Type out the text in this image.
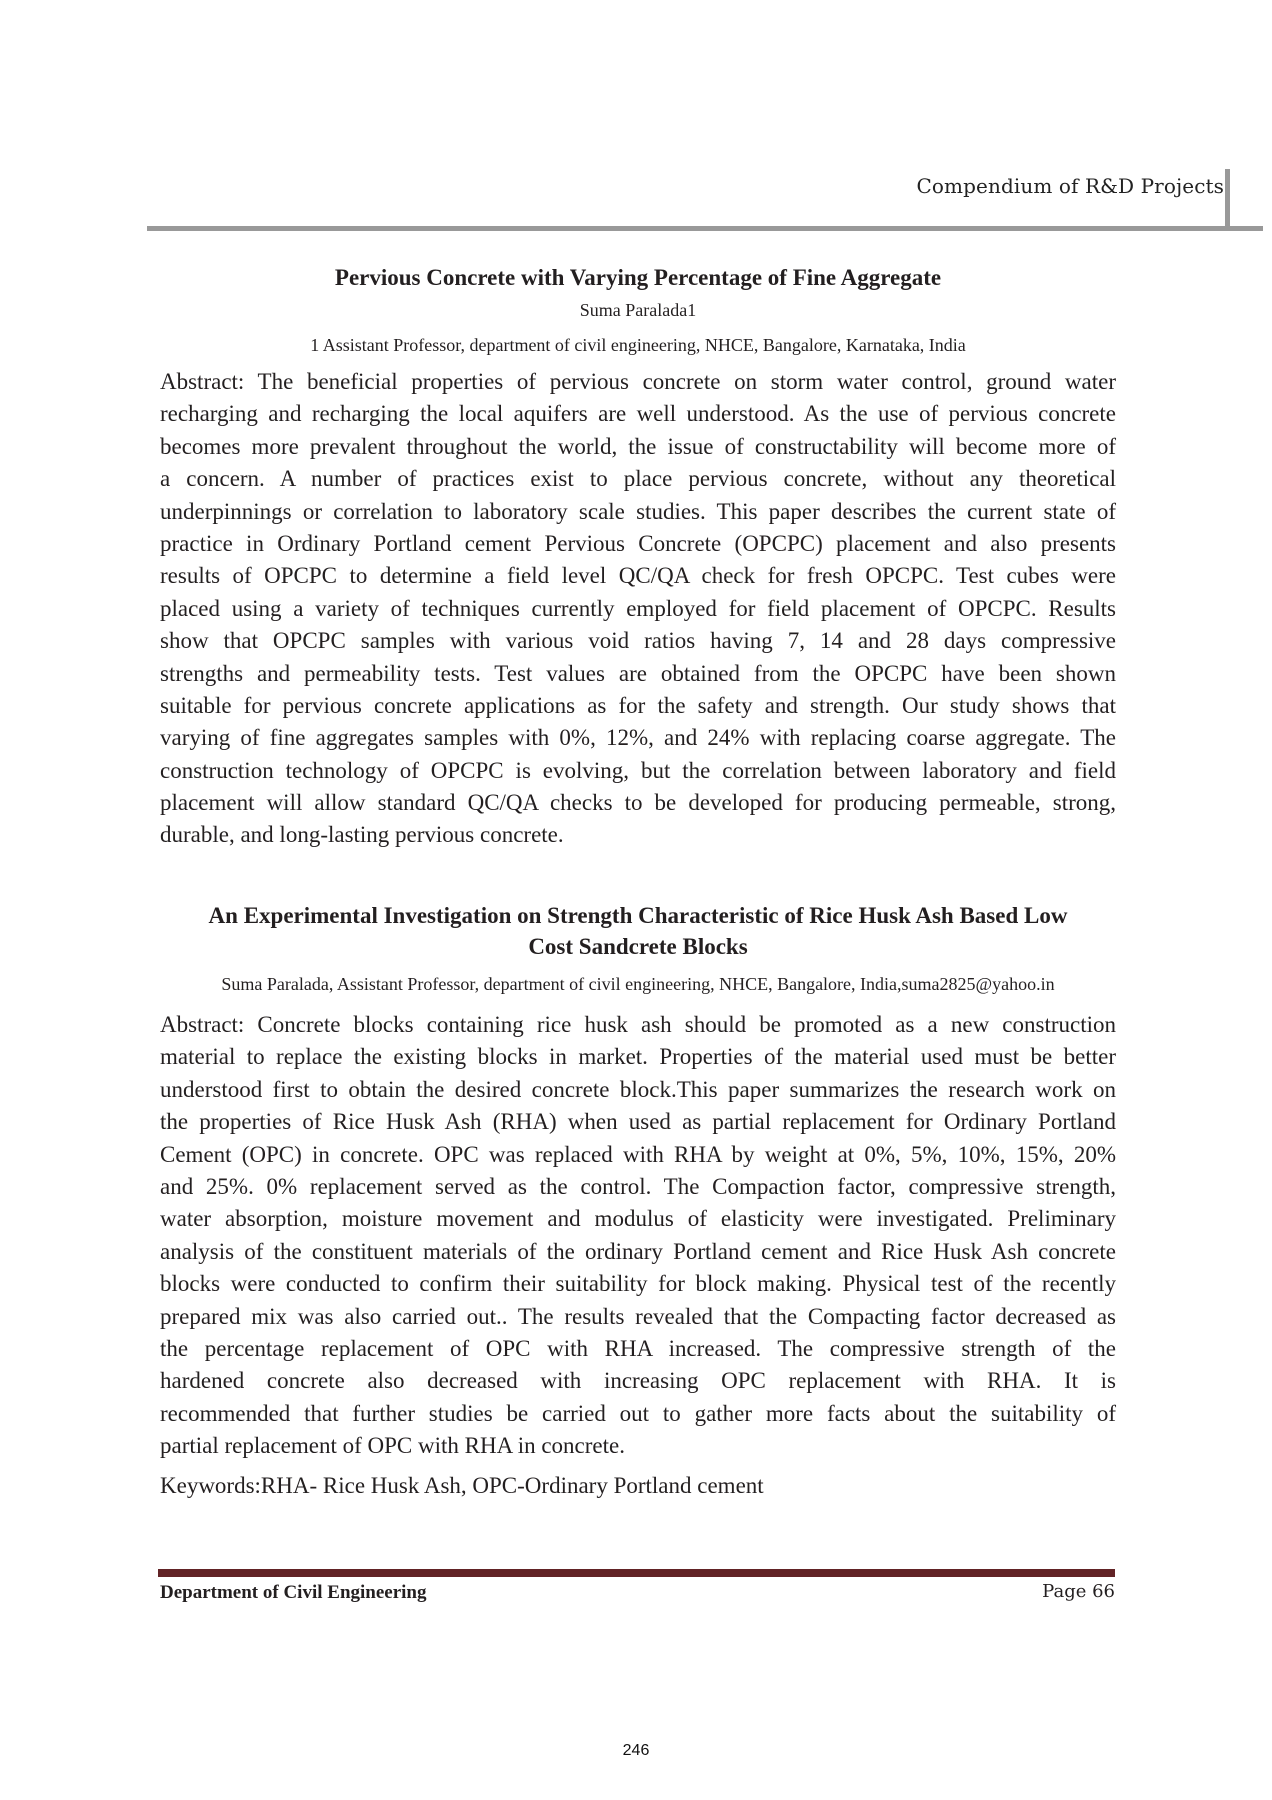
Compendium of R&D Projects
Pervious Concrete with Varying Percentage of Fine Aggregate
Suma Paralada1
1 Assistant Professor, department of civil engineering, NHCE, Bangalore, Karnataka, India
Abstract: The beneficial properties of pervious concrete on storm water control, ground water
recharging and recharging the local aquifers are well understood. As the use of pervious concrete
becomes more prevalent throughout the world, the issue of constructability will become more of
a concern. A number of practices exist to place pervious concrete, without any theoretical
underpinnings or correlation to laboratory scale studies. This paper describes the current state of
practice in Ordinary Portland cement Pervious Concrete (OPCPC) placement and also presents
results of OPCPC to determine a field level QC/QA check for fresh OPCPC. Test cubes were
placed using a variety of techniques currently employed for field placement of OPCPC. Results
show that OPCPC samples with various void ratios having 7, 14 and 28 days compressive
strengths and permeability tests. Test values are obtained from the OPCPC have been shown
suitable for pervious concrete applications as for the safety and strength. Our study shows that
varying of fine aggregates samples with 0%, 12%, and 24% with replacing coarse aggregate. The
construction technology of OPCPC is evolving, but the correlation between laboratory and field
placement will allow standard QC/QA checks to be developed for producing permeable, strong,
durable, and long-lasting pervious concrete.
An Experimental Investigation on Strength Characteristic of Rice Husk Ash Based Low
Cost Sandcrete Blocks
Suma Paralada, Assistant Professor, department of civil engineering, NHCE, Bangalore, India,suma2825@yahoo.in
Abstract: Concrete blocks containing rice husk ash should be promoted as a new construction
material to replace the existing blocks in market. Properties of the material used must be better
understood first to obtain the desired concrete block.This paper summarizes the research work on
the properties of Rice Husk Ash (RHA) when used as partial replacement for Ordinary Portland
Cement (OPC) in concrete. OPC was replaced with RHA by weight at 0%, 5%, 10%, 15%, 20%
and 25%. 0% replacement served as the control. The Compaction factor, compressive strength,
water absorption, moisture movement and modulus of elasticity were investigated. Preliminary
analysis of the constituent materials of the ordinary Portland cement and Rice Husk Ash concrete
blocks were conducted to confirm their suitability for block making. Physical test of the recently
prepared mix was also carried out.. The results revealed that the Compacting factor decreased as
the percentage replacement of OPC with RHA increased. The compressive strength of the
hardened concrete also decreased with increasing OPC replacement with RHA. It is
recommended that further studies be carried out to gather more facts about the suitability of
partial replacement of OPC with RHA in concrete.
Keywords:RHA- Rice Husk Ash, OPC-Ordinary Portland cement
Department of Civil Engineering	Page 66
246
